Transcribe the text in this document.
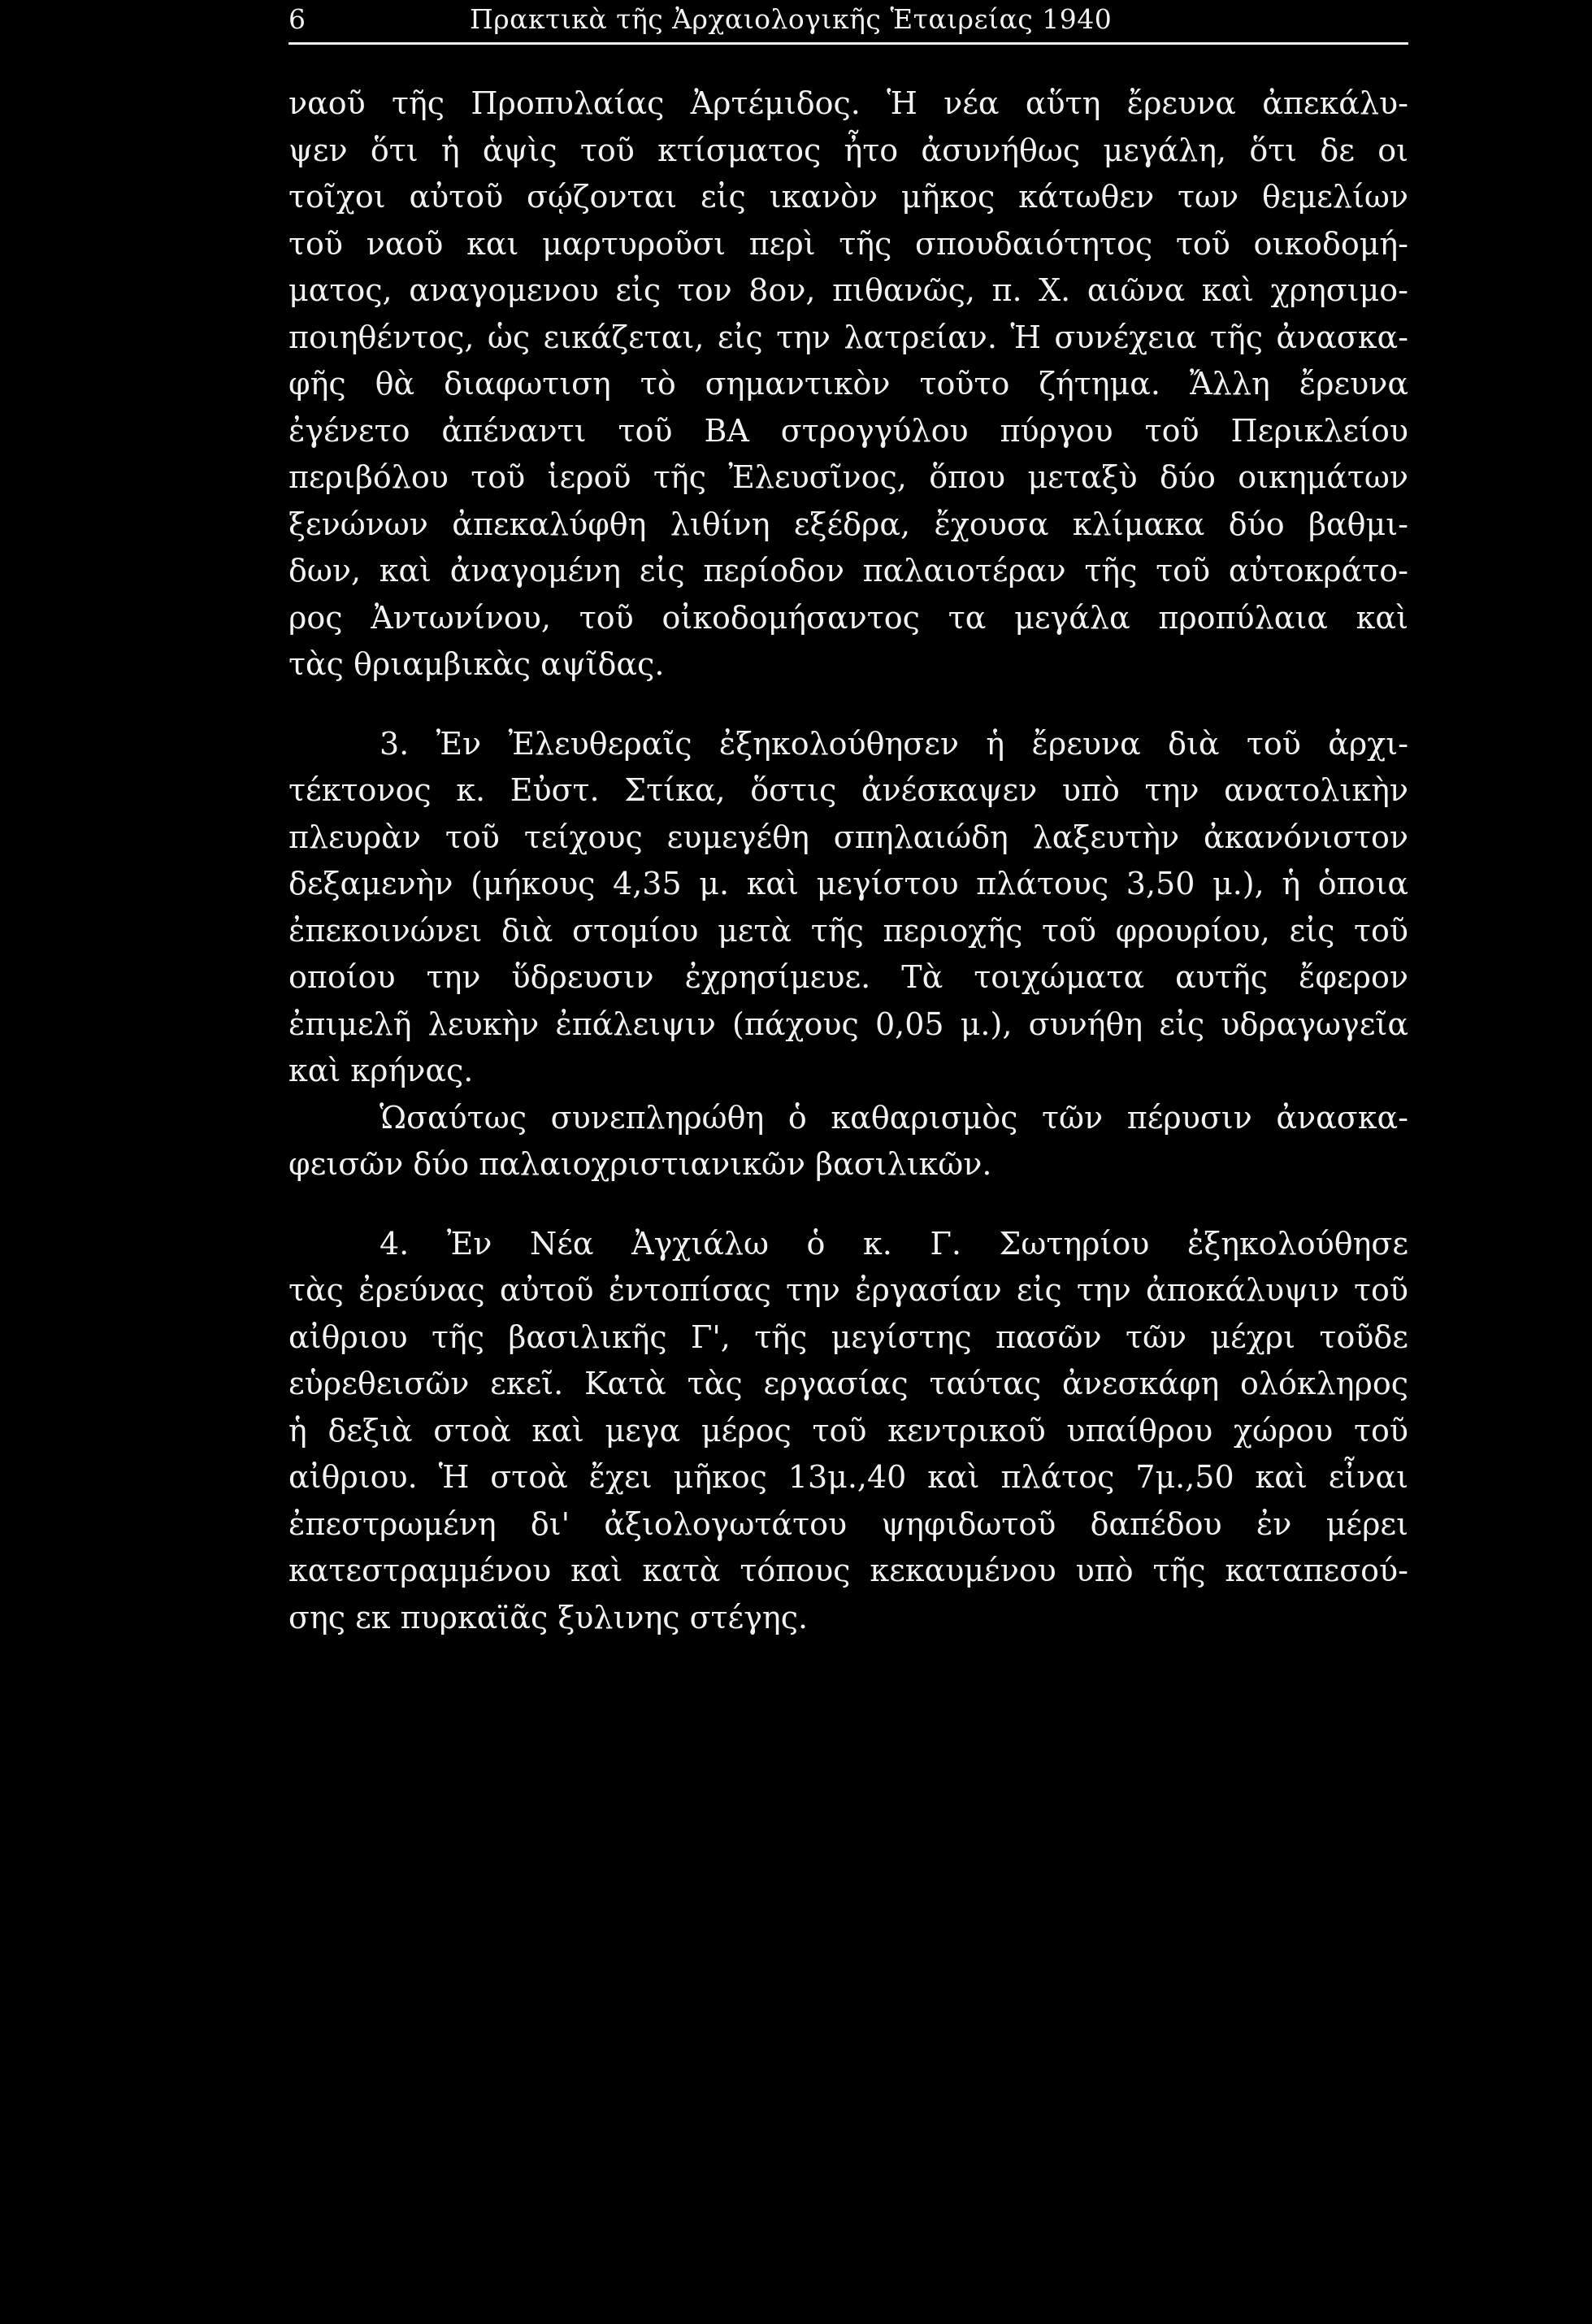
6	Πρακτικὰ τῆς Ἀρχαιολογικῆς Ἑταιρείας 1940
ναοῦ τῆς Προπυλαίας Ἀρτέμιδος. Ἡ νέα αὕτη ἔρευνα ἀπεκάλυ-
ψεν ὅτι ἡ ἁψὶς τοῦ κτίσματος ἦτο ἀσυνήθως μεγάλη, ὅτι δε οι
τοῖχοι αὐτοῦ σῴζονται εἰς ικανὸν μῆκος κάτωθεν των θεμελίων
τοῦ ναοῦ και μαρτυροῦσι περὶ τῆς σπουδαιότητος τοῦ οικοδομή-
ματος, αναγομενου εἰς τον 8ον, πιθανῶς, π. Χ. αιῶνα καὶ χρησιμο-
ποιηθέντος, ὡς εικάζεται, εἰς την λατρείαν. Ἡ συνέχεια τῆς ἀνασκα-
φῆς θὰ διαφωτιση τὸ σημαντικὸν τοῦτο ζήτημα. Ἄλλη ἔρευνα
ἐγένετο ἀπέναντι τοῦ ΒΑ στρογγύλου πύργου τοῦ Περικλείου
περιβόλου τοῦ ἱεροῦ τῆς Ἐλευσῖνος, ὅπου μεταξὺ δύο οικημάτων
ξενώνων ἀπεκαλύφθη λιθίνη εξέδρα, ἔχουσα κλίμακα δύο βαθμι-
δων, καὶ ἀναγομένη εἰς περίοδον παλαιοτέραν τῆς τοῦ αὐτοκράτο-
ρος Ἀντωνίνου, τοῦ οἰκοδομήσαντος τα μεγάλα προπύλαια καὶ
τὰς θριαμβικὰς αψῖδας.
3. Ἐν Ἐλευθεραῖς ἐξηκολούθησεν ἡ ἔρευνα διὰ τοῦ ἀρχι-
τέκτονος κ. Εὐστ. Στίκα, ὅστις ἀνέσκαψεν υπὸ την ανατολικὴν
πλευρὰν τοῦ τείχους ευμεγέθη σπηλαιώδη λαξευτὴν ἀκανόνιστον
δεξαμενὴν (μήκους 4,35 μ. καὶ μεγίστου πλάτους 3,50 μ.), ἡ ὁποια
ἐπεκοινώνει διὰ στομίου μετὰ τῆς περιοχῆς τοῦ φρουρίου, εἰς τοῦ
οποίου την ὕδρευσιν ἐχρησίμευε. Τὰ τοιχώματα αυτῆς ἔφερον
ἐπιμελῆ λευκὴν ἐπάλειψιν (πάχους 0,05 μ.), συνήθη εἰς υδραγωγεῖα
καὶ κρήνας.
Ὡσαύτως συνεπληρώθη ὁ καθαρισμὸς τῶν πέρυσιν ἀνασκα-
φεισῶν δύο παλαιοχριστιανικῶν βασιλικῶν.
4. Ἐν Νέα Ἀγχιάλω ὁ κ. Γ. Σωτηρίου ἐξηκολούθησε
τὰς ἐρεύνας αὐτοῦ ἐντοπίσας την ἐργασίαν εἰς την ἀποκάλυψιν τοῦ
αἰθριου τῆς βασιλικῆς Γ', τῆς μεγίστης πασῶν τῶν μέχρι τοῦδε
εὑρεθεισῶν εκεῖ. Κατὰ τὰς εργασίας ταύτας ἀνεσκάφη ολόκληρος
ἡ δεξιὰ στοὰ καὶ μεγα μέρος τοῦ κεντρικοῦ υπαίθρου χώρου τοῦ
αἰθριου. Ἡ στοὰ ἔχει μῆκος 13μ.,40 καὶ πλάτος 7μ.,50 καὶ εἶναι
ἐπεστρωμένη δι' ἀξιολογωτάτου ψηφιδωτοῦ δαπέδου ἐν μέρει
κατεστραμμένου καὶ κατὰ τόπους κεκαυμένου υπὸ τῆς καταπεσού-
σης εκ πυρκαϊᾶς ξυλινης στέγης.
